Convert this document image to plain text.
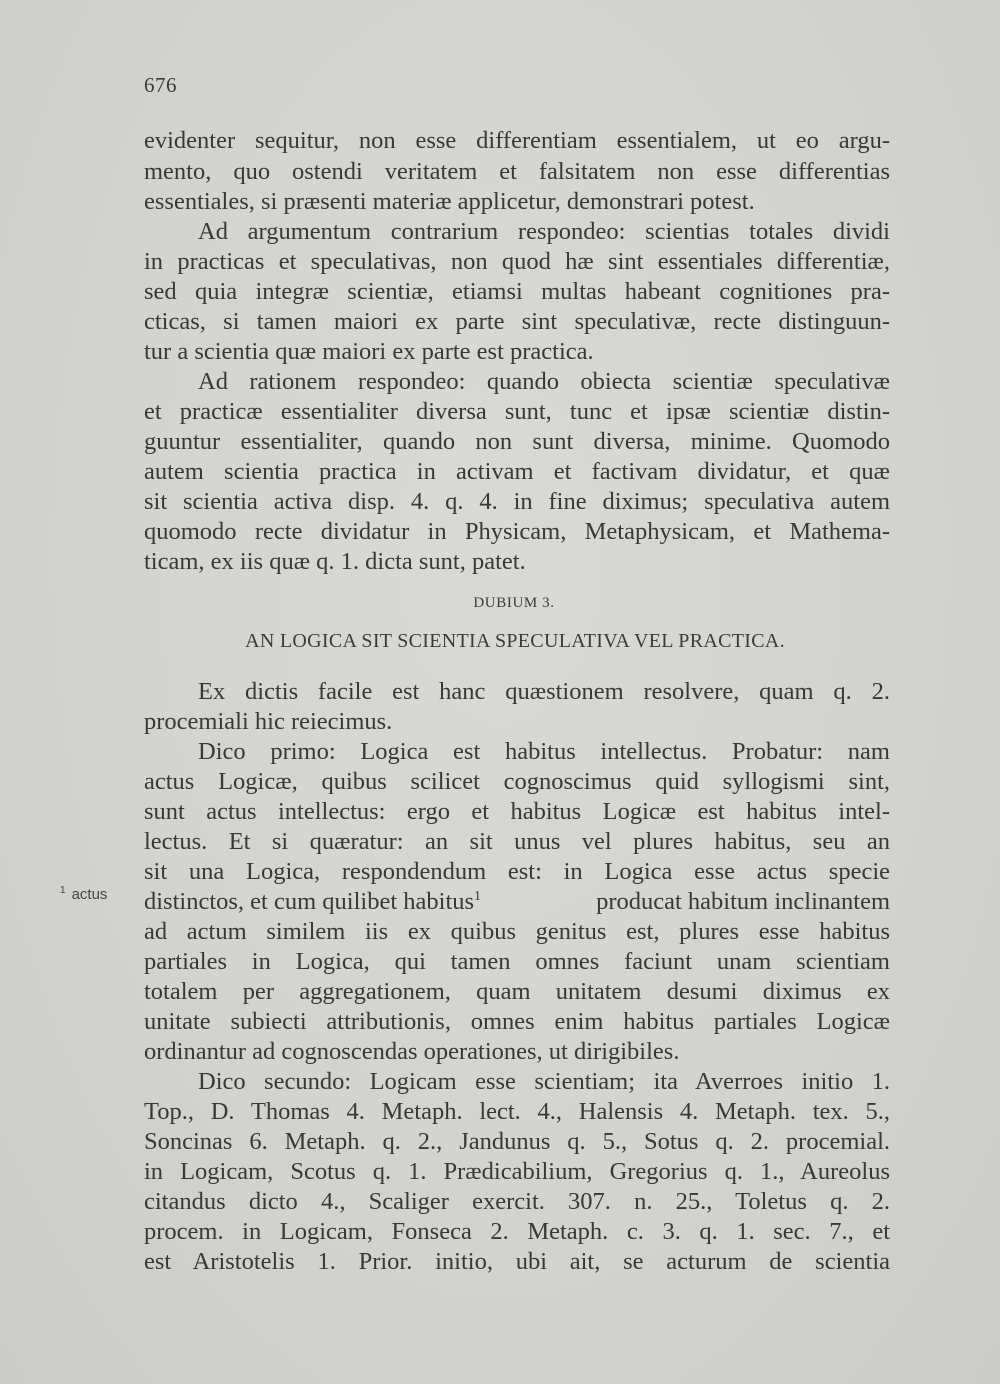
676
evidenter sequitur, non esse differentiam essentialem, ut eo argu-
mento, quo ostendi veritatem et falsitatem non esse differentias
essentiales, si præsenti materiæ applicetur, demonstrari potest.
Ad argumentum contrarium respondeo: scientias totales dividi
in practicas et speculativas, non quod hæ sint essentiales differentiæ,
sed quia integræ scientiæ, etiamsi multas habeant cognitiones pra-
cticas, si tamen maiori ex parte sint speculativæ, recte distinguun-
tur a scientia quæ maiori ex parte est practica.
Ad rationem respondeo: quando obiecta scientiæ speculativæ
et practicæ essentialiter diversa sunt, tunc et ipsæ scientiæ distin-
guuntur essentialiter, quando non sunt diversa, minime. Quomodo
autem scientia practica in activam et factivam dividatur, et quæ
sit scientia activa disp. 4. q. 4. in fine diximus; speculativa autem
quomodo recte dividatur in Physicam, Metaphysicam, et Mathema-
ticam, ex iis quæ q. 1. dicta sunt, patet.
DUBIUM 3.
AN LOGICA SIT SCIENTIA SPECULATIVA VEL PRACTICA.
Ex dictis facile est hanc quæstionem resolvere, quam q. 2.
procemiali hic reiecimus.
Dico primo: Logica est habitus intellectus. Probatur: nam
actus Logicæ, quibus scilicet cognoscimus quid syllogismi sint,
sunt actus intellectus: ergo et habitus Logicæ est habitus intel-
lectus. Et si quæratur: an sit unus vel plures habitus, seu an
sit una Logica, respondendum est: in Logica esse actus specie
distinctos, et cum quilibet habitus$^1$	producat habitum inclinantem
ad actum similem iis ex quibus genitus est, plures esse habitus
partiales in Logica, qui tamen omnes faciunt unam scientiam
totalem per aggregationem, quam unitatem desumi diximus ex
unitate subiecti attributionis, omnes enim habitus partiales Logicæ
ordinantur ad cognoscendas operationes, ut dirigibiles.
Dico secundo: Logicam esse scientiam; ita Averroes initio 1.
Top., D. Thomas 4. Metaph. lect. 4., Halensis 4. Metaph. tex. 5.,
Soncinas 6. Metaph. q. 2., Jandunus q. 5., Sotus q. 2. procemial.
in Logicam, Scotus q. 1. Prædicabilium, Gregorius q. 1., Aureolus
citandus dicto 4., Scaliger exercit. 307. n. 25., Toletus q. 2.
procem. in Logicam, Fonseca 2. Metaph. c. 3. q. 1. sec. 7., et
est Aristotelis 1. Prior. initio, ubi ait, se acturum de scientia
$^1$ actus
